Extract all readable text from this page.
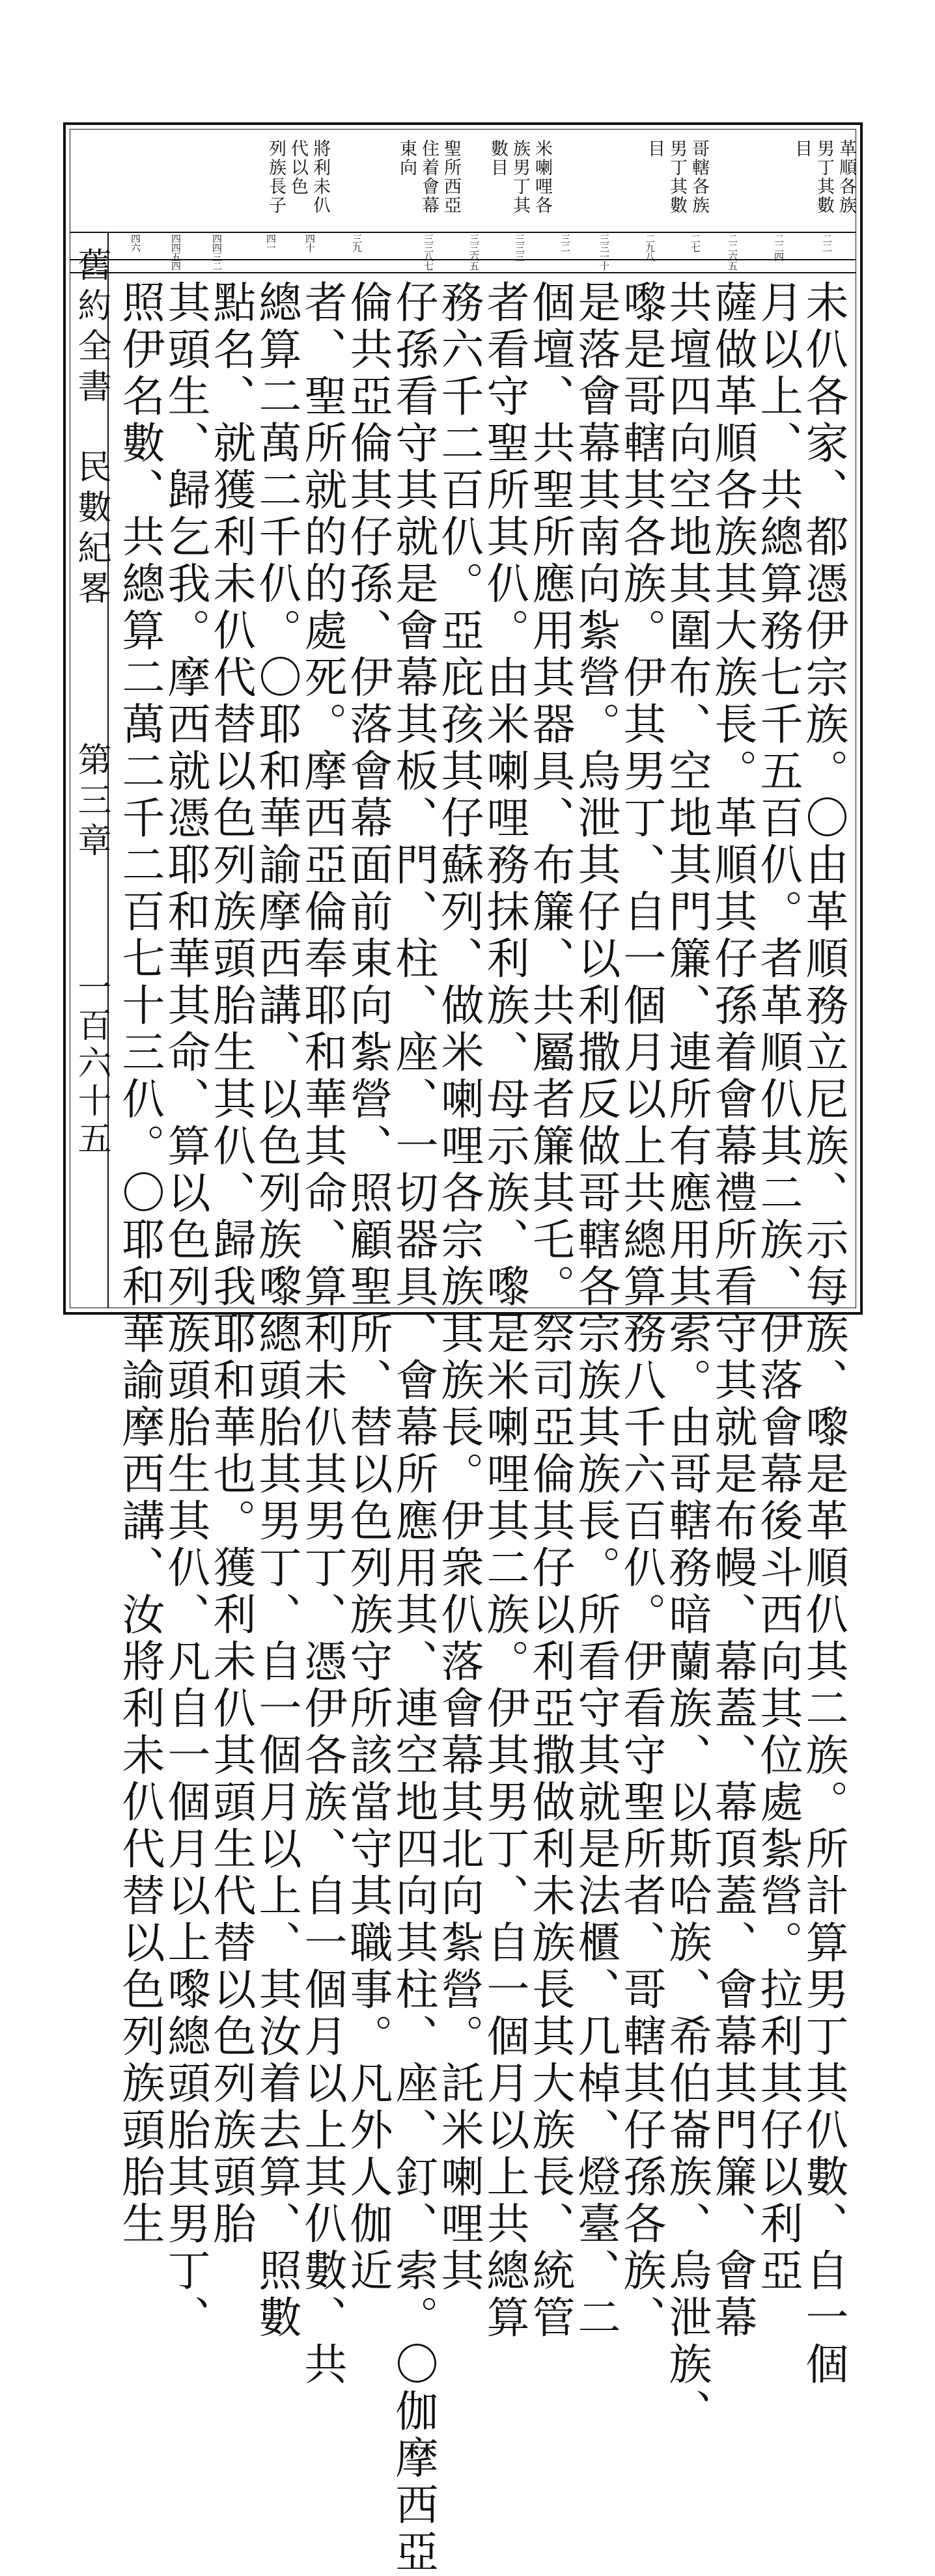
舊約全書　民數紀畧
第三章
一百六十五
革順各族
男丁其數
目
哥轄各族
男丁其數
目
米喇哩各
族男丁其
數目
聖所西亞
住着會幕
東向
將利未仈
代以色
列族長子
二二
二二四
二二六五
二七
二九八
三三一十
三二
三三三
三三六五
三三八七
三九
四十
四一
四四三二
四四五四
四六
未仈各家、都憑伊宗族。〇由革順務立尼族、示每族、嚟是革順仈其二族。所計算男丁其仈數、自一個
月以上、共總算務七千五百仈。者革順仈其二族、伊落會幕後斗西向其位處紮營。拉利其仔以利亞
薩做革順各族其大族長。革順其仔孫着會幕禮所看守其就是布幔、幕蓋、幕頂蓋、會幕其門簾、會幕
共壇四向空地其圍布、空地其門簾、連所有應用其索。由哥轄務暗蘭族、以斯哈族、希伯崙族、烏泄族、
嚟是哥轄其各族。伊其男丁、自一個月以上共總算務八千六百仈。伊看守聖所者、哥轄其仔孫各族、
是落會幕其南向紮營。烏泄其仔以利撒反做哥轄各宗族其族長。所看守其就是法櫃、几棹、燈臺、二
個壇、共聖所應用其器具、布簾、共屬者簾其乇。祭司亞倫其仔以利亞撒做利未族長其大族長、統管
者看守聖所其仈。由米喇哩務抹利族、母示族、嚟是米喇哩其二族。伊其男丁、自一個月以上共總算
務六千二百仈。亞庇孩其仔蘇列、做米喇哩各宗族其族長。伊衆仈落會幕其北向紮營。託米喇哩其
仔孫看守其就是會幕其板、門、柱、座、一切器具、會幕所應用其、連空地四向其柱、座、釘、索。〇伽摩西亞
倫共亞倫其仔孫、伊落會幕面前東向紮營、照顧聖所、替以色列族守所該當守其職事。凡外人伽近
者、聖所就的的處死。摩西亞倫奉耶和華其命、算利未仈其男丁、憑伊各族、自一個月以上其仈數、共
總算二萬二千仈。〇耶和華諭摩西講、以色列族嚟總頭胎其男丁、自一個月以上、其汝着去算、照數
點名、就獲利未仈代替以色列族頭胎生其仈、歸我耶和華也。獲利未仈其頭生代替以色列族頭胎
其頭生、歸乞我。摩西就憑耶和華其命、算以色列族頭胎生其仈、凡自一個月以上嚟總頭胎其男丁、
照伊名數、共總算二萬二千二百七十三仈。〇耶和華諭摩西講、汝將利未仈代替以色列族頭胎生
